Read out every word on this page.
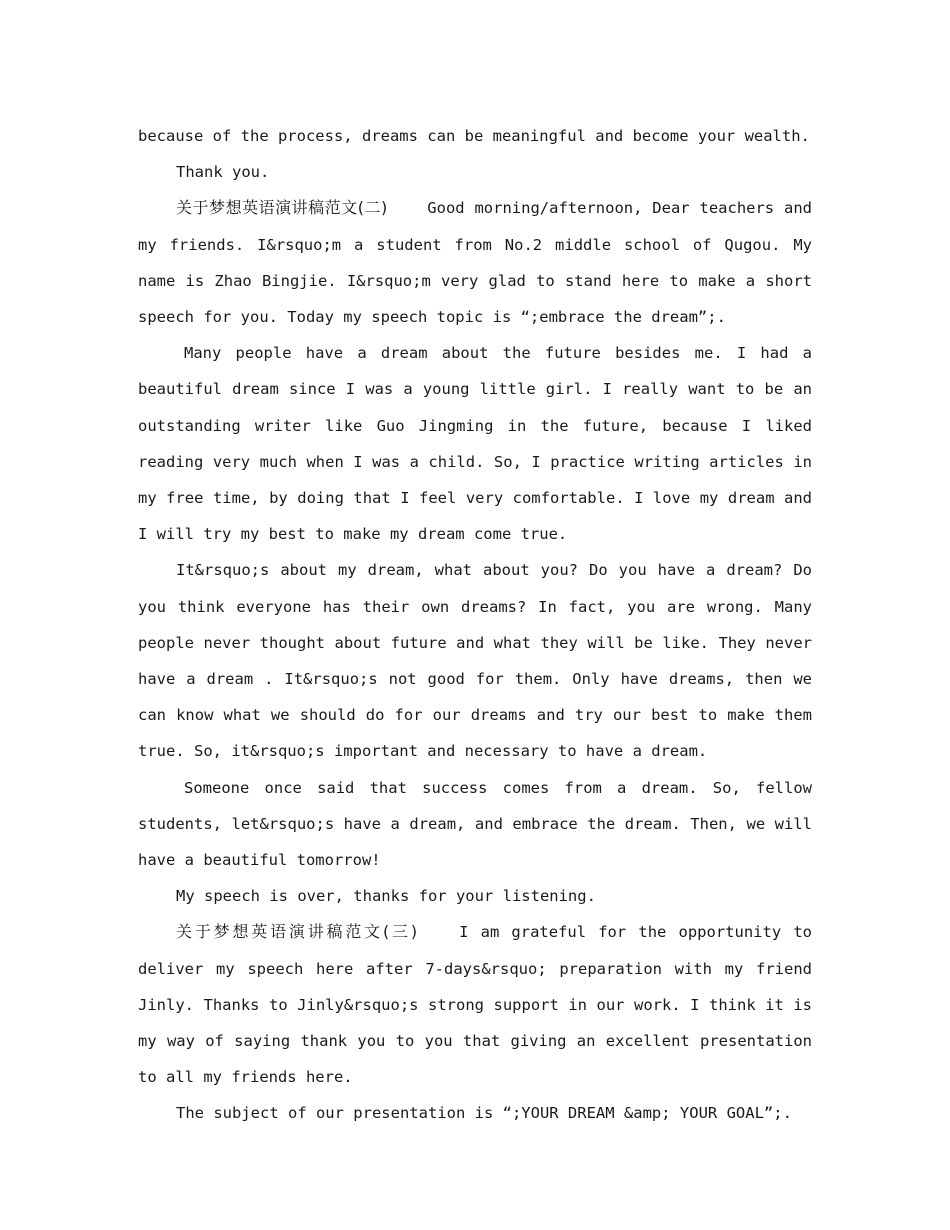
because of the process, dreams can be meaningful and become your wealth.

Thank you.

关于梦想英语演讲稿范文(二)	Good morning/afternoon, Dear teachers and my friends. I&rsquo;m a student from No.2 middle school of Qugou. My name is Zhao Bingjie. I&rsquo;m very glad to stand here to make a short speech for you. Today my speech topic is “;embrace the dream”;.

Many people have a dream about the future besides me. I had a beautiful dream since I was a young little girl. I really want to be an outstanding writer like Guo Jingming in the future, because I liked reading very much when I was a child. So, I practice writing articles in my free time, by doing that I feel very comfortable. I love my dream and I will try my best to make my dream come true.

It&rsquo;s about my dream, what about you? Do you have a dream? Do you think everyone has their own dreams? In fact, you are wrong. Many people never thought about future and what they will be like. They never have a dream . It&rsquo;s not good for them. Only have dreams, then we can know what we should do for our dreams and try our best to make them true. So, it&rsquo;s important and necessary to have a dream.

Someone once said that success comes from a dream. So, fellow students, let&rsquo;s have a dream, and embrace the dream. Then, we will have a beautiful tomorrow!

My speech is over, thanks for your listening.

关于梦想英语演讲稿范文(三)	I am grateful for the opportunity to deliver my speech here after 7-days&rsquo; preparation with my friend Jinly. Thanks to Jinly&rsquo;s strong support in our work. I think it is my way of saying thank you to you that giving an excellent presentation to all my friends here.

The subject of our presentation is “;YOUR DREAM &amp; YOUR GOAL”;.
